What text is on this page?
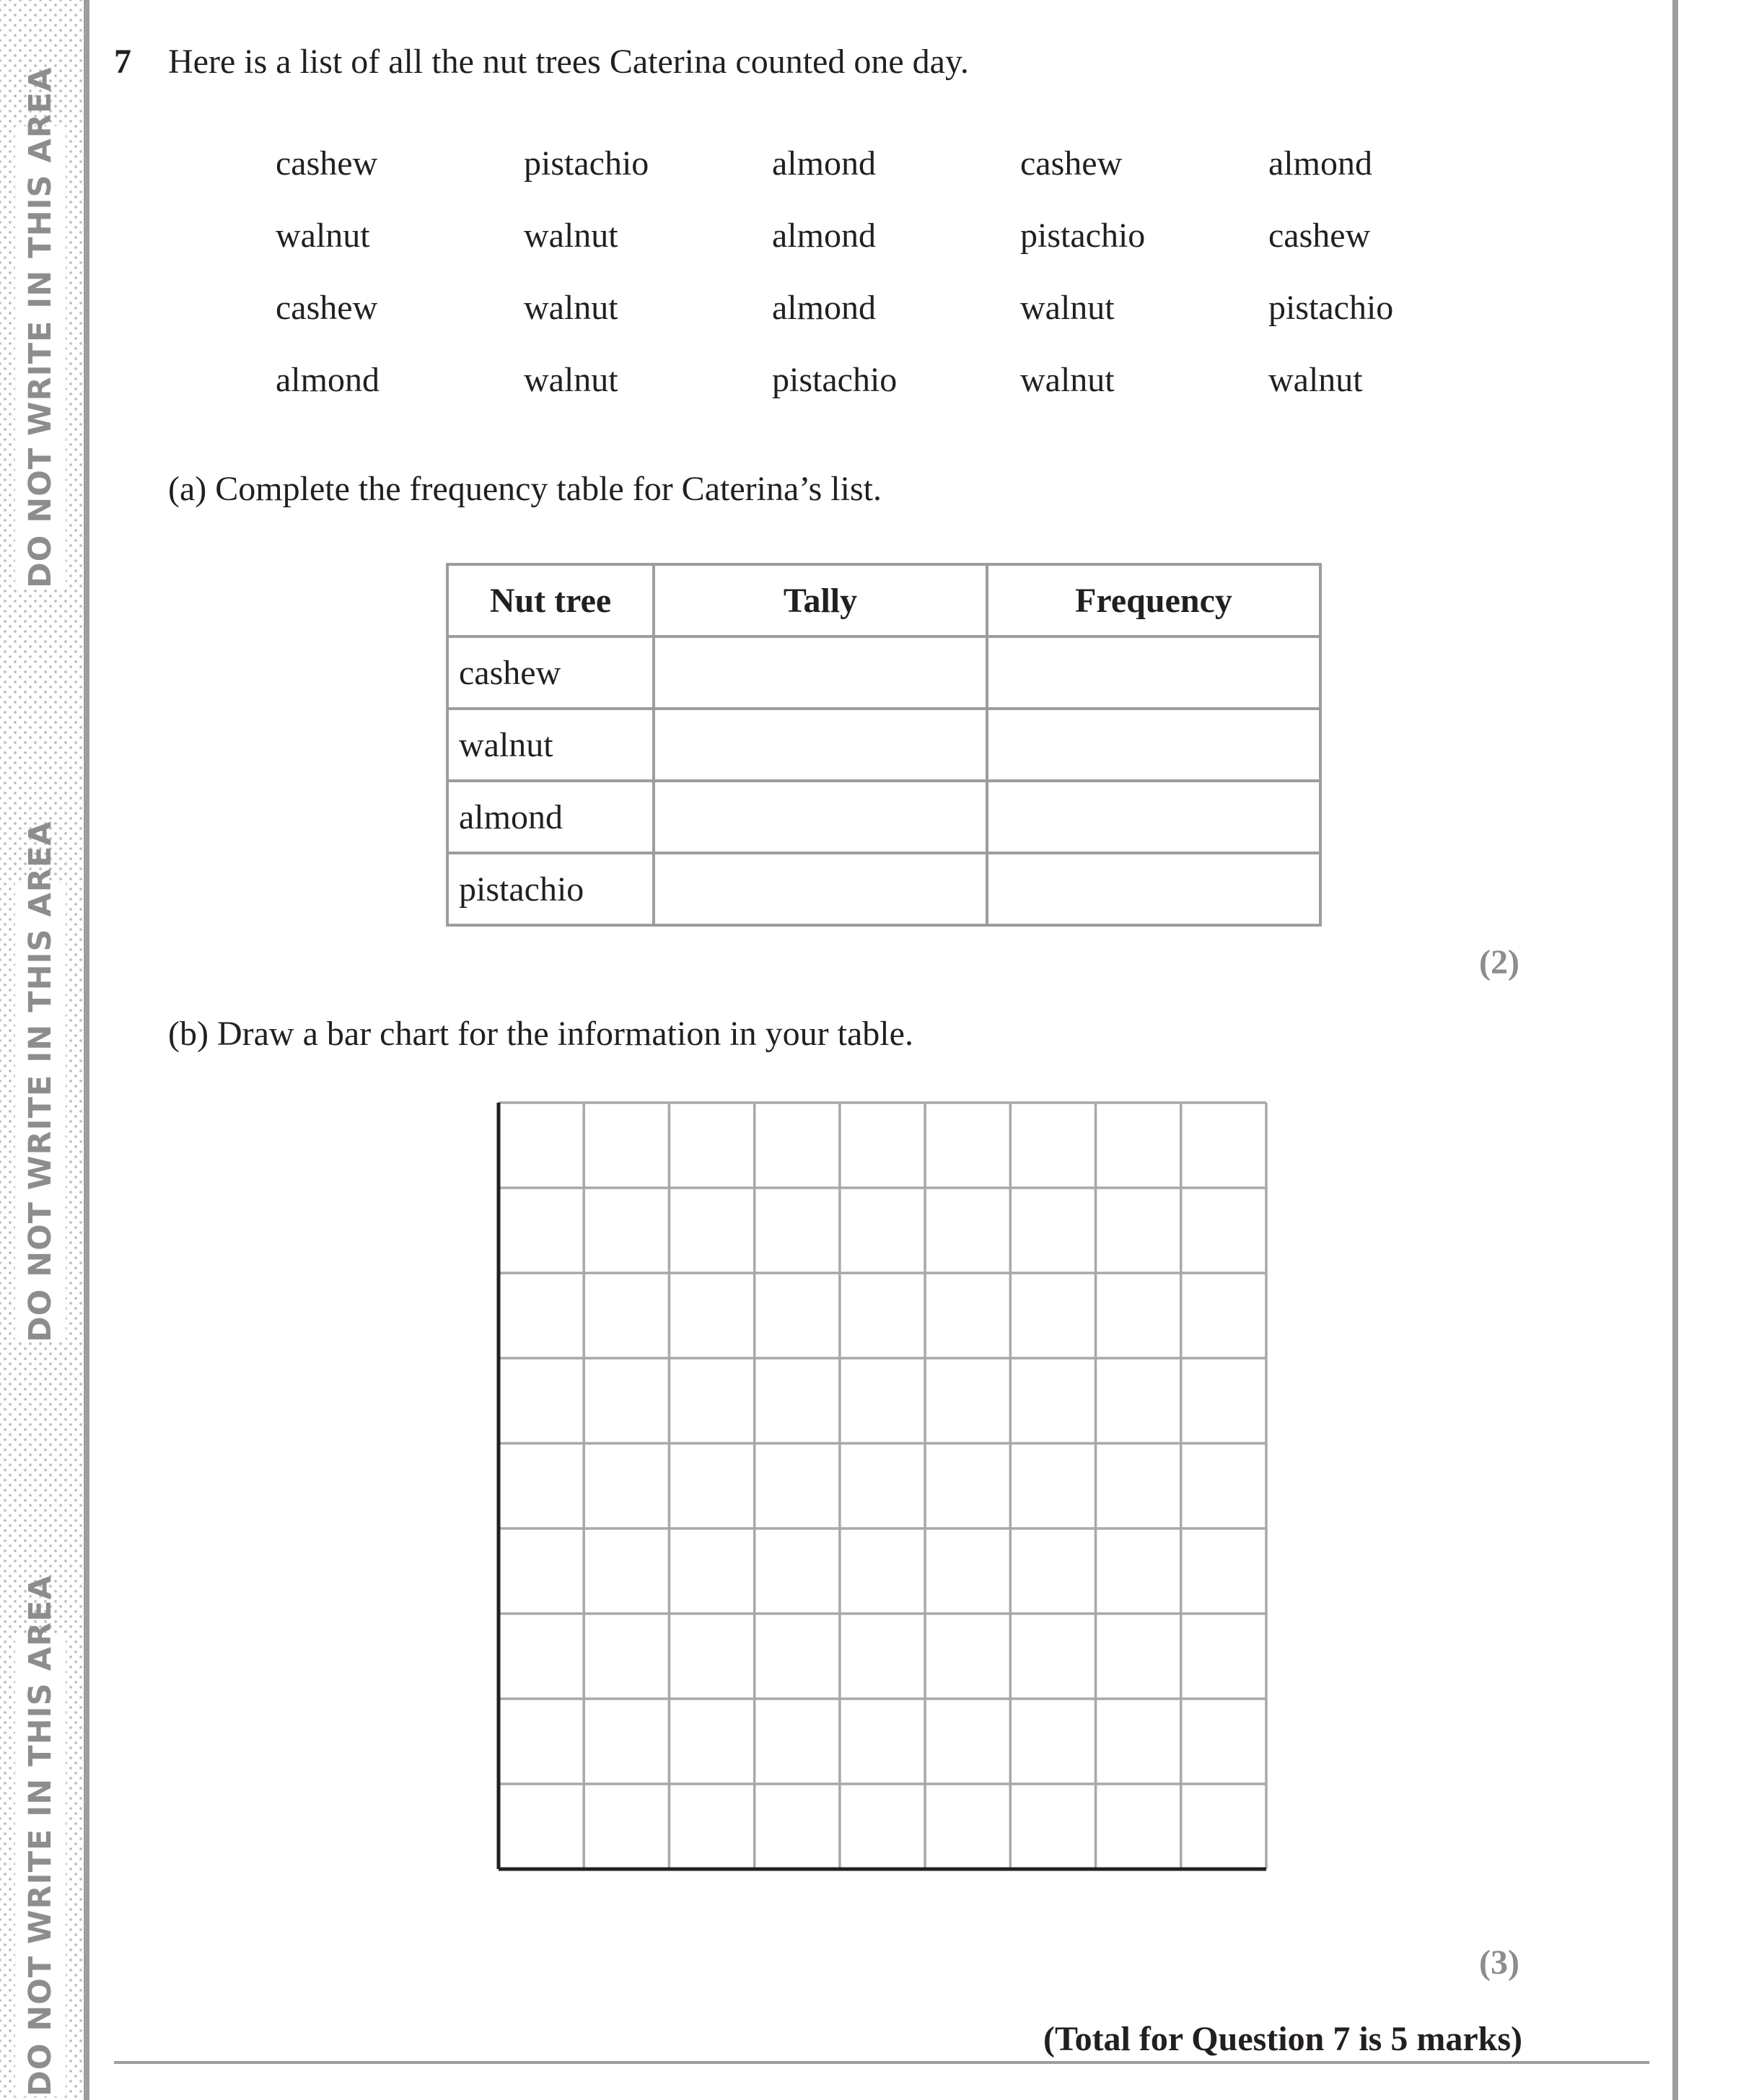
DO NOT WRITE IN THIS AREA
DO NOT WRITE IN THIS AREA
DO NOT WRITE IN THIS AREA
7 Here is a list of all the nut trees Caterina counted one day.
cashew	pistachio	almond	cashew	almond
walnut	walnut	almond	pistachio	cashew
cashew	walnut	almond	walnut	pistachio
almond	walnut	pistachio	walnut	walnut
(a) Complete the frequency table for Caterina’s list.
Nut tree	Tally	Frequency
cashew		
walnut		
almond		
pistachio		
(2)
(b) Draw a bar chart for the information in your table.
(3)
(Total for Question 7 is 5 marks)
